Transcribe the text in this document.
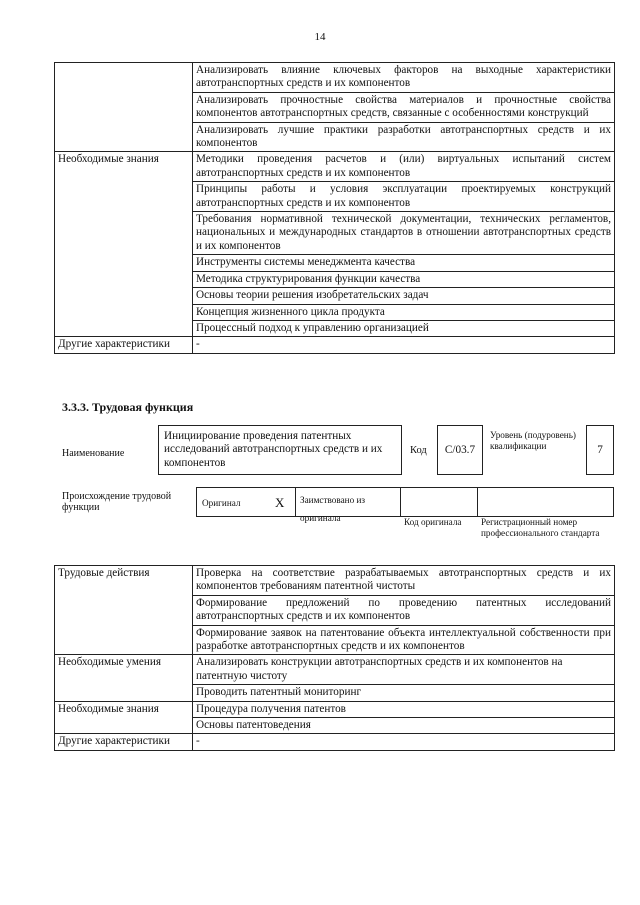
14
	Анализировать влияние ключевых факторов на выходные характеристики автотранспортных средств и их компонентов
	Анализировать прочностные свойства материалов и прочностные свойства компонентов автотранспортных средств, связанные с особенностями конструкций
	Анализировать лучшие практики разработки автотранспортных средств и их компонентов
Необходимые знания	Методики проведения расчетов и (или) виртуальных испытаний систем автотранспортных средств и их компонентов
	Принципы работы и условия эксплуатации проектируемых конструкций автотранспортных средств и их компонентов
	Требования нормативной технической документации, технических регламентов, национальных и международных стандартов в отношении автотранспортных средств и их компонентов
	Инструменты системы менеджмента качества
	Методика структурирования функции качества
	Основы теории решения изобретательских задач
	Концепция жизненного цикла продукта
	Процессный подход к управлению организацией
Другие характеристики	-
3.3.3. Трудовая функция
Наименование
Инициирование проведения патентных исследований автотранспортных средств и их компонентов
Код	C/03.7
Уровень (подуровень) квалификации	7
Происхождение трудовой функции	Оригинал	X	Заимствовано из оригинала	Код оригинала	Регистрационный номер профессионального стандарта
Трудовые действия	Проверка на соответствие разрабатываемых автотранспортных средств и их компонентов требованиям патентной чистоты
	Формирование предложений по проведению патентных исследований автотранспортных средств и их компонентов
	Формирование заявок на патентование объекта интеллектуальной собственности при разработке автотранспортных средств и их компонентов
Необходимые умения	Анализировать конструкции автотранспортных средств и их компонентов на патентную чистоту
	Проводить патентный мониторинг
Необходимые знания	Процедура получения патентов
	Основы патентоведения
Другие характеристики	-
